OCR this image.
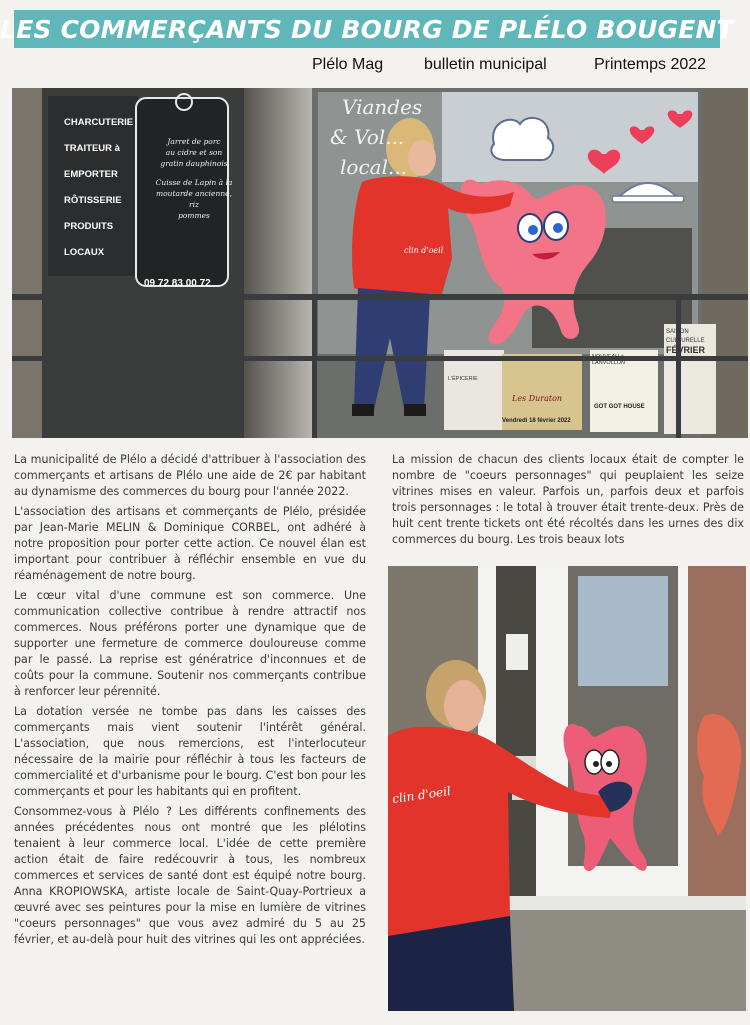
LES COMMERÇANTS DU BOURG DE PLÉLO BOUGENT
Plélo Mag	bulletin municipal	Printemps 2022
CHARCUTERIE
TRAITEUR à EMPORTER
RÔTISSERIE
PRODUITS LOCAUX
Jarret de porc
au cidre et son
gratin dauphinois
Cuisse de Lapin à la
moutarde ancienne, riz
pommes
09 72 83 00 72
Viandes
& Vol...
local...
clin d'oeil
SAISON CULTURELLE
FÉVRIER
NOUVEAU à LANVOLLON
Vendredi 18 février 2022
GOT GOT HOUSE
Les Duraton
L'ÉPICERIE

La municipalité de Plélo a décidé d'attribuer à l'association des commerçants et artisans de Plélo une aide de 2€ par habitant au dynamisme des commerces du bourg pour l'année 2022.

L'association des artisans et commerçants de Plélo, présidée par Jean-Marie MELIN & Dominique CORBEL, ont adhéré à notre proposition pour porter cette action. Ce nouvel élan est important pour contribuer à réfléchir ensemble en vue du réaménagement de notre bourg.

Le cœur vital d'une commune est son commerce. Une communication collective contribue à rendre attractif nos commerces. Nous préférons porter une dynamique que de supporter une fermeture de commerce douloureuse comme par le passé. La reprise est génératrice d'inconnues et de coûts pour la commune. Soutenir nos commerçants contribue à renforcer leur pérennité.

La dotation versée ne tombe pas dans les caisses des commerçants mais vient soutenir l'intérêt général. L'association, que nous remercions, est l'interlocuteur nécessaire de la mairie pour réfléchir à tous les facteurs de commercialité et d'urbanisme pour le bourg. C'est bon pour les commerçants et pour les habitants qui en profitent.

Consommez-vous à Plélo ? Les différents confinements des années précédentes nous ont montré que les plélotins tenaient à leur commerce local. L'idée de cette première action était de faire redécouvrir à tous, les nombreux commerces et services de santé dont est équipé notre bourg. Anna KROPIOWSKA, artiste locale de Saint-Quay-Portrieux a œuvré avec ses peintures pour la mise en lumière de vitrines "coeurs personnages" que vous avez admiré du 5 au 25 février, et au-delà pour huit des vitrines qui les ont appréciées.

La mission de chacun des clients locaux était de compter le nombre de "coeurs personnages" qui peuplaient les seize vitrines mises en valeur. Parfois un, parfois deux et parfois trois personnages : le total à trouver était trente-deux. Près de huit cent trente tickets ont été récoltés dans les urnes des dix commerces du bourg. Les trois beaux lots

clin d'oeil
